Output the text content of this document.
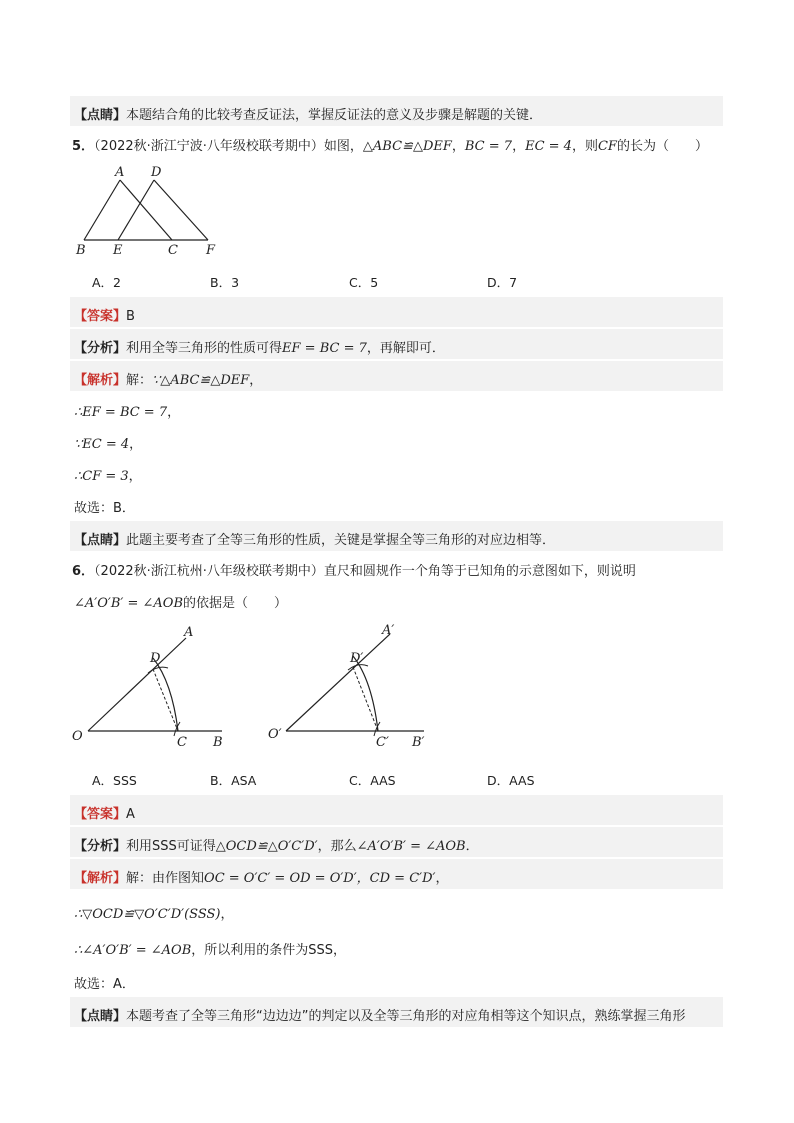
【点睛】本题结合角的比较考查反证法，掌握反证法的意义及步骤是解题的关键．
5．（2022秋·浙江宁波·八年级校联考期中）如图，△ABC≌△DEF，BC = 7，EC = 4，则CF的长为（　　）
A D
B E	C F
A．2	B．3	C．5	D．7
【答案】B
【分析】利用全等三角形的性质可得EF = BC = 7，再解即可．
【解析】解：∵△ABC≌△DEF，
∴EF = BC = 7，
∵EC = 4，
∴CF = 3，
故选：B．
【点睛】此题主要考查了全等三角形的性质，关键是掌握全等三角形的对应边相等．
6．（2022秋·浙江杭州·八年级校联考期中）直尺和圆规作一个角等于已知角的示意图如下，则说明
∠A′O′B′ = ∠AOB的依据是（　　）
A
D
O	C B
A′
D′
O′
C′ B′
A．SSS	B．ASA	C．AAS	D．AAS
【答案】A
【分析】利用SSS可证得△OCD≌△O′C′D′，那么∠A′O′B′ = ∠AOB．
【解析】解：由作图知OC = O′C′ = OD = O′D′，CD = C′D′，
∴▽OCD≌▽O′C′D′(SSS)，
∴∠A′O′B′ = ∠AOB，所以利用的条件为SSS，
故选：A．
【点睛】本题考查了全等三角形“边边边”的判定以及全等三角形的对应角相等这个知识点，熟练掌握三角形
